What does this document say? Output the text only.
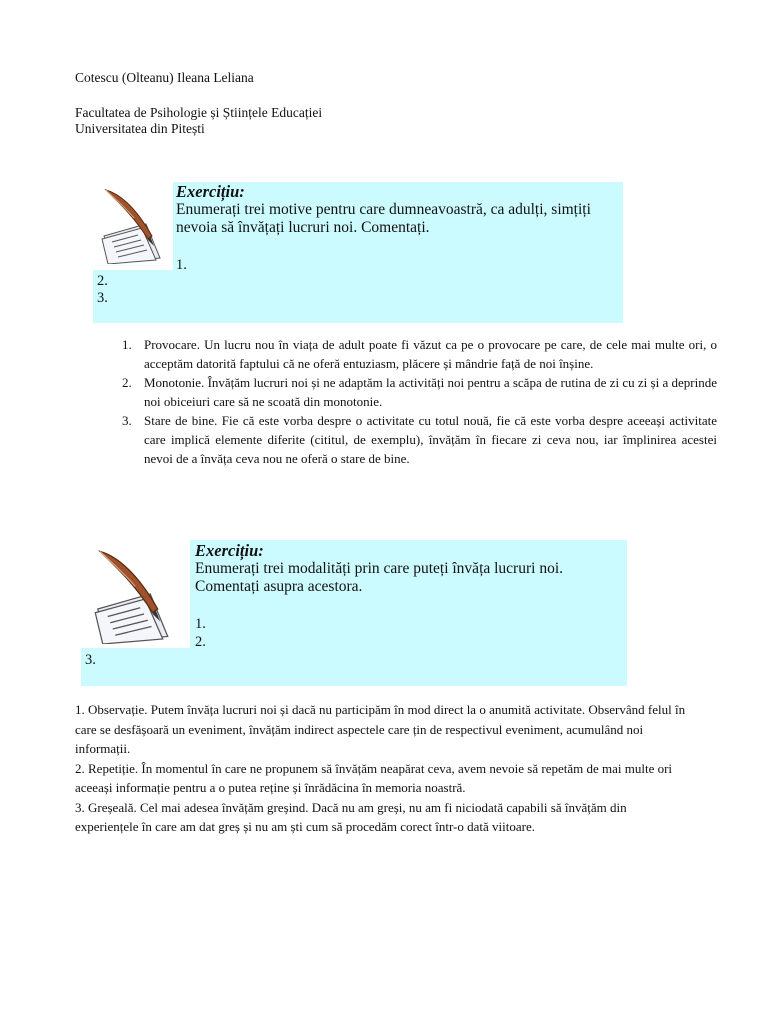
Cotescu (Olteanu) Ileana Leliana
Facultatea de Psihologie și Științele Educației
Universitatea din Pitești
Exercițiu:
Enumerați trei motive pentru care dumneavoastră, ca adulți, simțiți
nevoia să învățați lucruri noi. Comentați.
1.
2.
3.
Provocare. Un lucru nou în viața de adult poate fi văzut ca pe o provocare pe care, de cele mai multe ori, o acceptăm datorită faptului că ne oferă entuziasm, plăcere și mândrie față de noi înșine.
Monotonie. Învățăm lucruri noi și ne adaptăm la activități noi pentru a scăpa de rutina de zi cu zi și a deprinde noi obiceiuri care să ne scoată din monotonie.
Stare de bine. Fie că este vorba despre o activitate cu totul nouă, fie că este vorba despre aceeași activitate care implică elemente diferite (cititul, de exemplu), învățăm în fiecare zi ceva nou, iar împlinirea acestei nevoi de a învăța ceva nou ne oferă o stare de bine.
Exercițiu:
Enumerați trei modalități prin care puteți învăța lucruri noi.
Comentați asupra acestora.
1.
2.
3.

1. Observație. Putem învăța lucruri noi și dacă nu participăm în mod direct la o anumită activitate. Observând felul în care se desfășoară un eveniment, învățăm indirect aspectele care țin de respectivul eveniment, acumulând noi informații.

2. Repetiție. În momentul în care ne propunem să învățăm neapărat ceva, avem nevoie să repetăm de mai multe ori aceeași informație pentru a o putea reține și înrădăcina în memoria noastră.

3. Greșeală. Cel mai adesea învățăm greșind. Dacă nu am greși, nu am fi niciodată capabili să învățăm din experiențele în care am dat greș și nu am ști cum să procedăm corect într-o dată viitoare.
